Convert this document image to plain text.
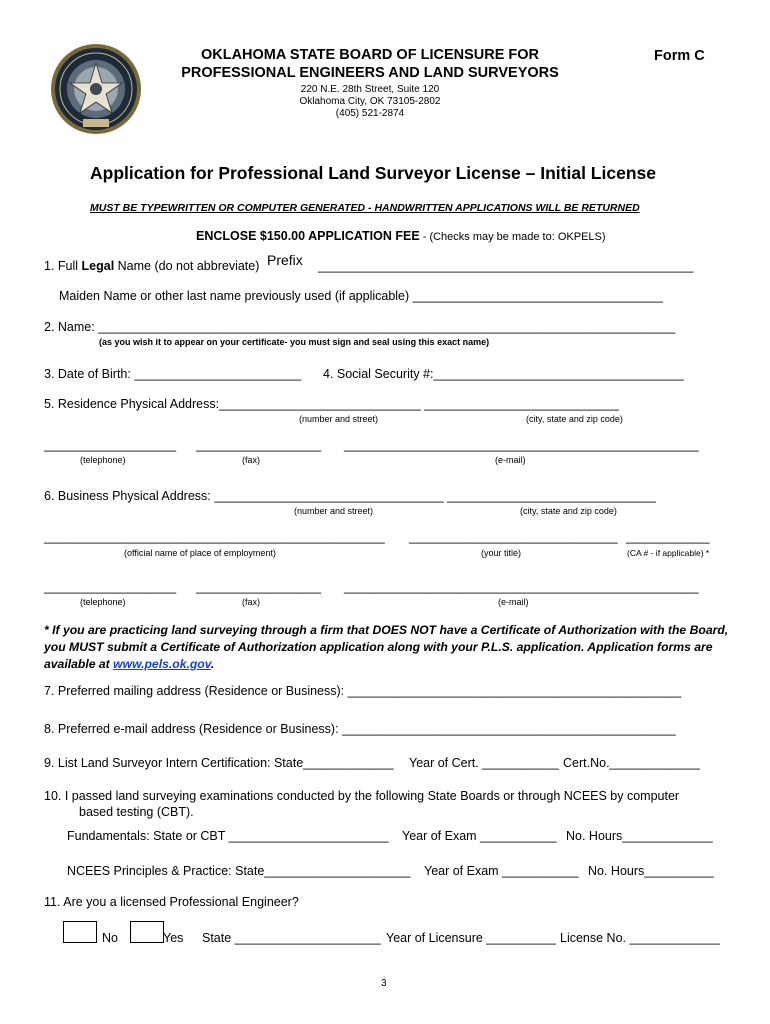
OKLAHOMA STATE BOARD OF LICENSURE FOR
PROFESSIONAL ENGINEERS AND LAND SURVEYORS
Form C
220 N.E. 28th Street, Suite 120
Oklahoma City, OK 73105-2802
(405) 521-2874
Application for Professional Land Surveyor License – Initial License
MUST BE TYPEWRITTEN OR COMPUTER GENERATED - HANDWRITTEN APPLICATIONS WILL BE RETURNED
ENCLOSE $150.00 APPLICATION FEE - (Checks may be made to: OKPELS)
1. Full Legal Name (do not abbreviate) Prefix ______________________________________________________
Maiden Name or other last name previously used (if applicable) ____________________________________
2. Name: ___________________________________________________________________________________
(as you wish it to appear on your certificate- you must sign and seal using this exact name)
3. Date of Birth: ________________________ 4. Social Security #:____________________________________
5. Residence Physical Address:_____________________________ ____________________________
(number and street)	(city, state and zip code)
___________________ __________________ ___________________________________________________
(telephone)	(fax)	(e-mail)
6. Business Physical Address: _________________________________ ______________________________
(number and street)	(city, state and zip code)
_________________________________________________ ______________________________ ____________
(official name of place of employment)	(your title)	(CA # - if applicable) *
___________________ __________________ ___________________________________________________
(telephone)	(fax)	(e-mail)
* If you are practicing land surveying through a firm that DOES NOT have a Certificate of Authorization with the Board, you MUST submit a Certificate of Authorization application along with your P.L.S. application. Application forms are available at www.pels.ok.gov.
7. Preferred mailing address (Residence or Business): ________________________________________________
8. Preferred e-mail address (Residence or Business): ________________________________________________
9. List Land Surveyor Intern Certification: State_____________ Year of Cert. ___________ Cert.No._____________
10. I passed land surveying examinations conducted by the following State Boards or through NCEES by computer
based testing (CBT).
Fundamentals: State or CBT _______________________ Year of Exam ___________ No. Hours_____________
NCEES Principles & Practice: State_____________________ Year of Exam ___________ No. Hours__________
11. Are you a licensed Professional Engineer?
No	Yes State _____________________ Year of Licensure __________ License No. _____________
3
